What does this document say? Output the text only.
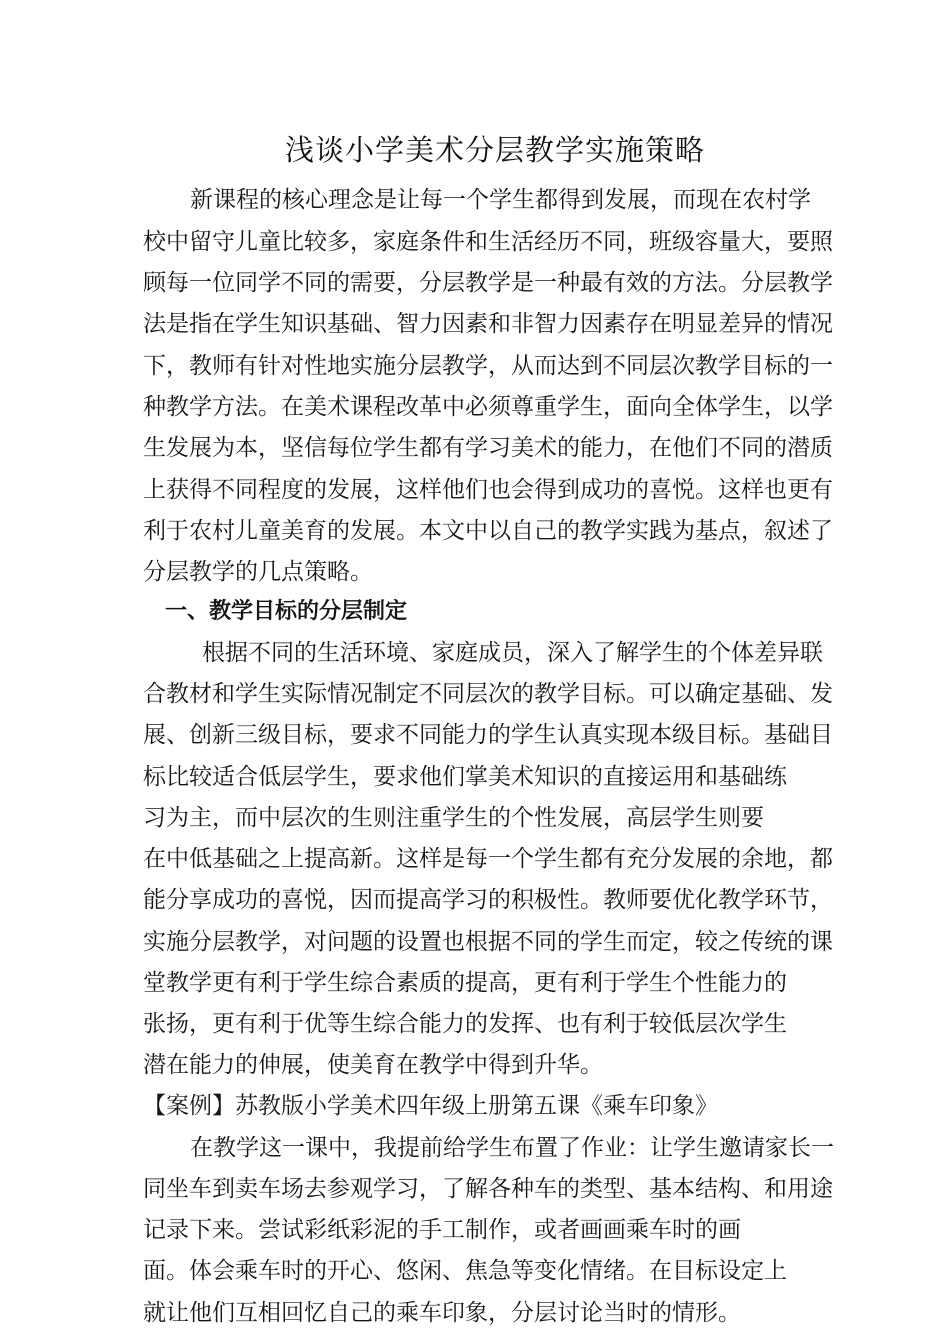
浅谈小学美术分层教学实施策略
新课程的核心理念是让每一个学生都得到发展，而现在农村学
校中留守儿童比较多，家庭条件和生活经历不同，班级容量大，要照
顾每一位同学不同的需要，分层教学是一种最有效的方法。分层教学
法是指在学生知识基础、智力因素和非智力因素存在明显差异的情况
下，教师有针对性地实施分层教学，从而达到不同层次教学目标的一
种教学方法。在美术课程改革中必须尊重学生，面向全体学生，以学
生发展为本，坚信每位学生都有学习美术的能力，在他们不同的潜质
上获得不同程度的发展，这样他们也会得到成功的喜悦。这样也更有
利于农村儿童美育的发展。本文中以自己的教学实践为基点，叙述了
分层教学的几点策略。
一、教学目标的分层制定
根据不同的生活环境、家庭成员，深入了解学生的个体差异联
合教材和学生实际情况制定不同层次的教学目标。可以确定基础、发
展、创新三级目标，要求不同能力的学生认真实现本级目标。基础目
标比较适合低层学生，要求他们掌美术知识的直接运用和基础练
习为主，而中层次的生则注重学生的个性发展，高层学生则要
在中低基础之上提高新。这样是每一个学生都有充分发展的余地，都
能分享成功的喜悦，因而提高学习的积极性。教师要优化教学环节，
实施分层教学，对问题的设置也根据不同的学生而定，较之传统的课
堂教学更有利于学生综合素质的提高，更有利于学生个性能力的
张扬，更有利于优等生综合能力的发挥、也有利于较低层次学生
潜在能力的伸展，使美育在教学中得到升华。
【案例】苏教版小学美术四年级上册第五课《乘车印象》
在教学这一课中，我提前给学生布置了作业：让学生邀请家长一
同坐车到卖车场去参观学习，了解各种车的类型、基本结构、和用途
记录下来。尝试彩纸彩泥的手工制作，或者画画乘车时的画
面。体会乘车时的开心、悠闲、焦急等变化情绪。在目标设定上
就让他们互相回忆自己的乘车印象，分层讨论当时的情形。
